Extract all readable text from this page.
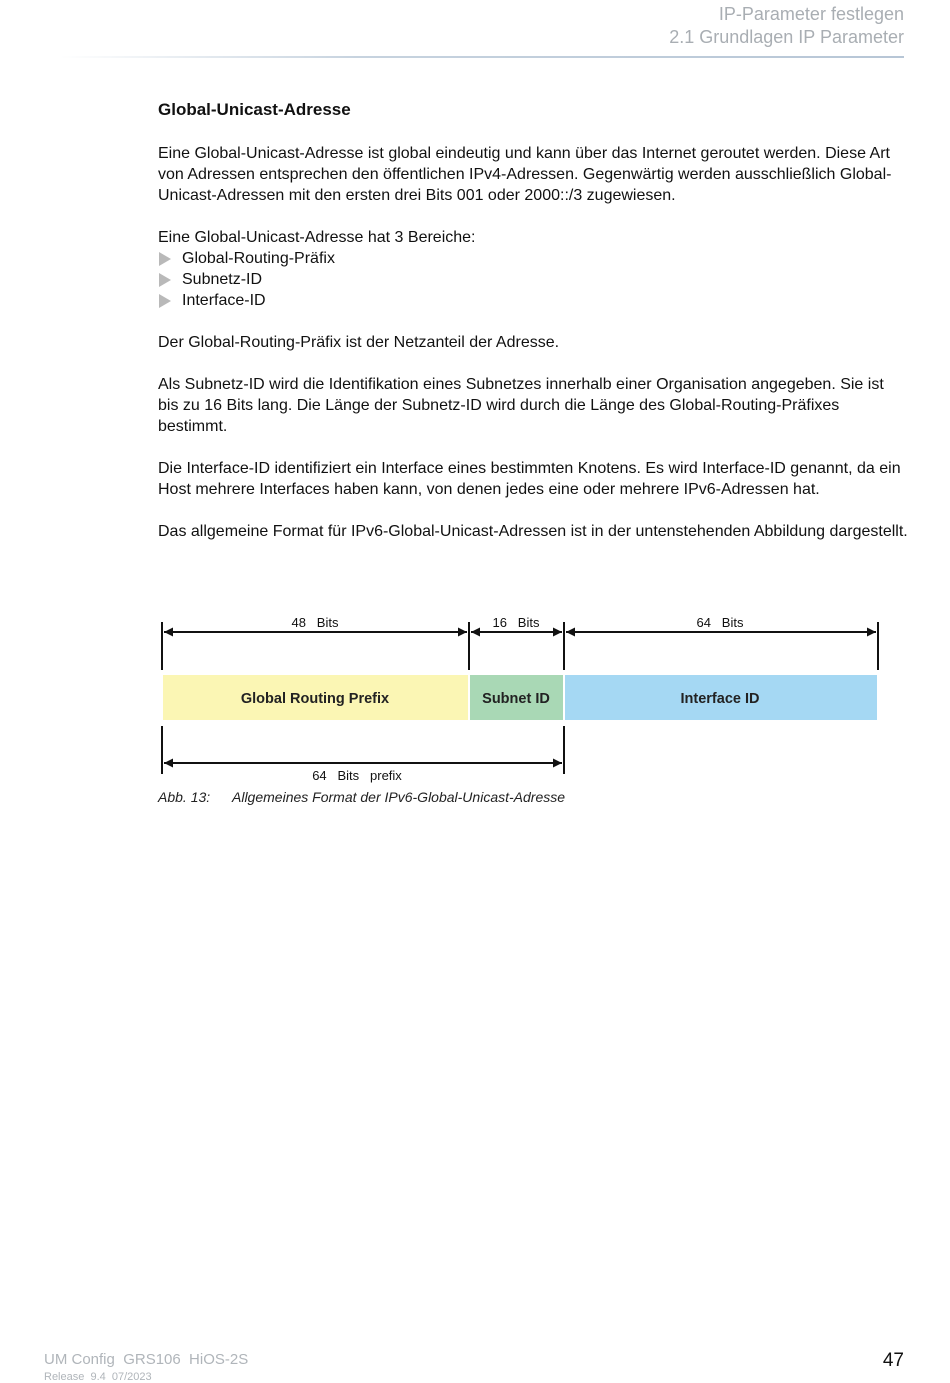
IP-Parameter festlegen
2.1 Grundlagen IP Parameter
Global-Unicast-Adresse

Eine Global-Unicast-Adresse ist global eindeutig und kann über das Internet geroutet werden. Diese Art von Adressen entsprechen den öffentlichen IPv4-Adressen. Gegenwärtig werden ausschließlich Global-Unicast-Adressen mit den ersten drei Bits 001 oder 2000::/3 zugewiesen.

Eine Global-Unicast-Adresse hat 3 Bereiche:
Global-Routing-Präfix
Subnetz-ID
Interface-ID

Der Global-Routing-Präfix ist der Netzanteil der Adresse.

Als Subnetz-ID wird die Identifikation eines Subnetzes innerhalb einer Organisation angegeben. Sie ist bis zu 16 Bits lang. Die Länge der Subnetz-ID wird durch die Länge des Global-Routing-Präfixes bestimmt.

Die Interface-ID identifiziert ein Interface eines bestimmten Knotens. Es wird Interface-ID genannt, da ein Host mehrere Interfaces haben kann, von denen jedes eine oder mehrere IPv6-Adressen hat.

Das allgemeine Format für IPv6-Global-Unicast-Adressen ist in der untenstehenden Abbildung dargestellt.

48   Bits	16   Bits	64   Bits
Global Routing Prefix	Subnet ID	Interface ID
64   Bits   prefix
Abb. 13: Allgemeines Format der IPv6-Global-Unicast-Adresse
UM Config  GRS106  HiOS-2S
Release  9.4  07/2023
47
